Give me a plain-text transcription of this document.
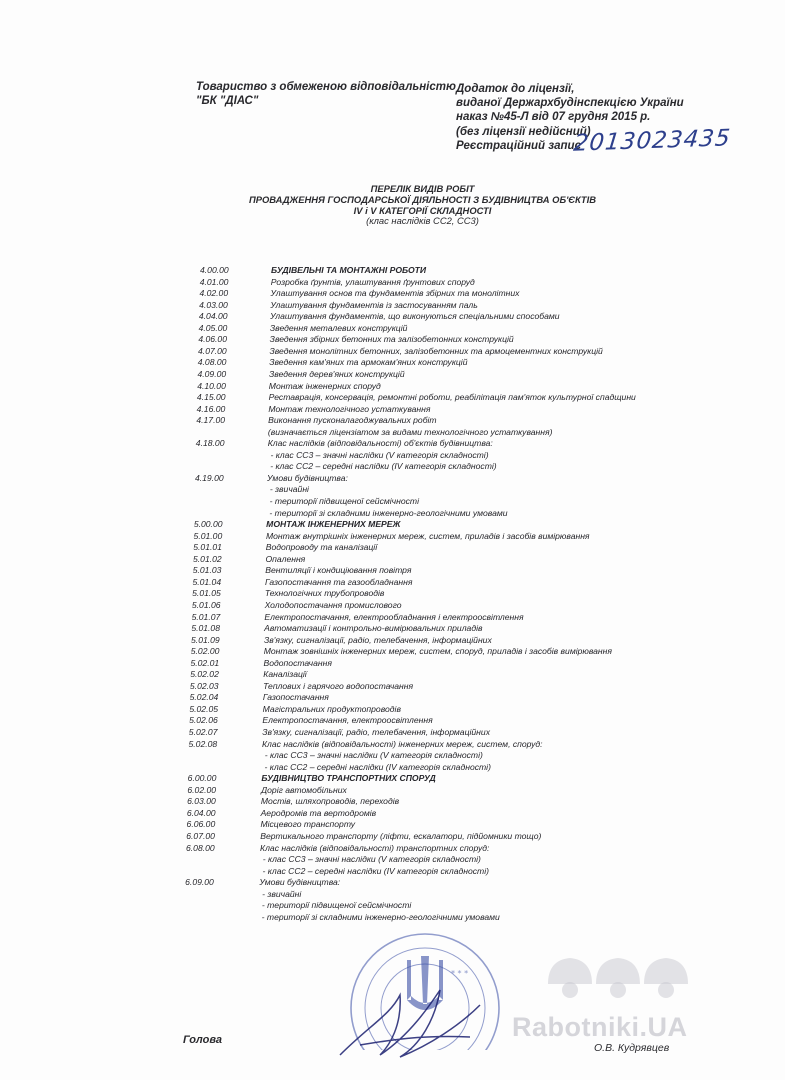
Товариство з обмеженою відповідальністю
"БК "ДІАС"
Додаток до ліцензії,
виданої Держархбудінспекцією України
наказ №45-Л від 07 грудня 2015 р.
(без ліцензії недійсний)
Реєстраційний запис
2013023435
ПЕРЕЛІК ВИДІВ РОБІТ
ПРОВАДЖЕННЯ ГОСПОДАРСЬКОЇ ДІЯЛЬНОСТІ З БУДІВНИЦТВА ОБ'ЄКТІВ
IV і V КАТЕГОРІЇ СКЛАДНОСТІ
(клас наслідків СС2, СС3)
4.00.00	БУДІВЕЛЬНІ ТА МОНТАЖНІ РОБОТИ
4.01.00	Розробка ґрунтів, улаштування ґрунтових споруд
4.02.00	Улаштування основ та фундаментів збірних та монолітних
4.03.00	Улаштування фундаментів із застосуванням паль
4.04.00	Улаштування фундаментів, що виконуються спеціальними способами
4.05.00	Зведення металевих конструкцій
4.06.00	Зведення збірних бетонних та залізобетонних конструкцій
4.07.00	Зведення монолітних бетонних, залізобетонних та армоцементних конструкцій
4.08.00	Зведення кам'яних та армокам'яних конструкцій
4.09.00	Зведення дерев'яних конструкцій
4.10.00	Монтаж інженерних споруд
4.15.00	Реставрація, консервація, ремонтні роботи, реабілітація пам'яток культурної спадщини
4.16.00	Монтаж технологічного устаткування
4.17.00	Виконання пусконалагоджувальних робіт
(визначається ліцензіатом за видами технологічного устаткування)
4.18.00	Клас наслідків (відповідальності) об'єктів будівництва:
- клас СС3 – значні наслідки (V категорія складності)
- клас СС2 – середні наслідки (IV категорія складності)
4.19.00	Умови будівництва:
- звичайні
- території підвищеної сейсмічності
- території зі складними інженерно-геологічними умовами
5.00.00	МОНТАЖ ІНЖЕНЕРНИХ МЕРЕЖ
5.01.00	Монтаж внутрішніх інженерних мереж, систем, приладів і засобів вимірювання
5.01.01	Водопроводу та каналізації
5.01.02	Опалення
5.01.03	Вентиляції і кондиціювання повітря
5.01.04	Газопостачання та газообладнання
5.01.05	Технологічних трубопроводів
5.01.06	Холодопостачання промислового
5.01.07	Електропостачання, електрообладнання і електроосвітлення
5.01.08	Автоматизації і контрольно-вимірювальних приладів
5.01.09	Зв'язку, сигналізації, радіо, телебачення, інформаційних
5.02.00	Монтаж зовнішніх інженерних мереж, систем, споруд, приладів і засобів вимірювання
5.02.01	Водопостачання
5.02.02	Каналізації
5.02.03	Теплових і гарячого водопостачання
5.02.04	Газопостачання
5.02.05	Магістральних продуктопроводів
5.02.06	Електропостачання, електроосвітлення
5.02.07	Зв'язку, сигналізації, радіо, телебачення, інформаційних
5.02.08	Клас наслідків (відповідальності) інженерних мереж, систем, споруд:
- клас СС3 – значні наслідки (V категорія складності)
- клас СС2 – середні наслідки (IV категорія складності)
6.00.00	БУДІВНИЦТВО ТРАНСПОРТНИХ СПОРУД
6.02.00	Доріг автомобільних
6.03.00	Мостів, шляхопроводів, переходів
6.04.00	Аеродромів та вертодромів
6.06.00	Місцевого транспорту
6.07.00	Вертикального транспорту (ліфти, ескалатори, підйомники тощо)
6.08.00	Клас наслідків (відповідальності) транспортних споруд:
- клас СС3 – значні наслідки (V категорія складності)
- клас СС2 – середні наслідки (IV категорія складності)
6.09.00	Умови будівництва:
- звичайні
- території підвищеної сейсмічності
- території зі складними інженерно-геологічними умовами
* * *
Rabotniki.UA
Голова
О.В. Кудрявцев
